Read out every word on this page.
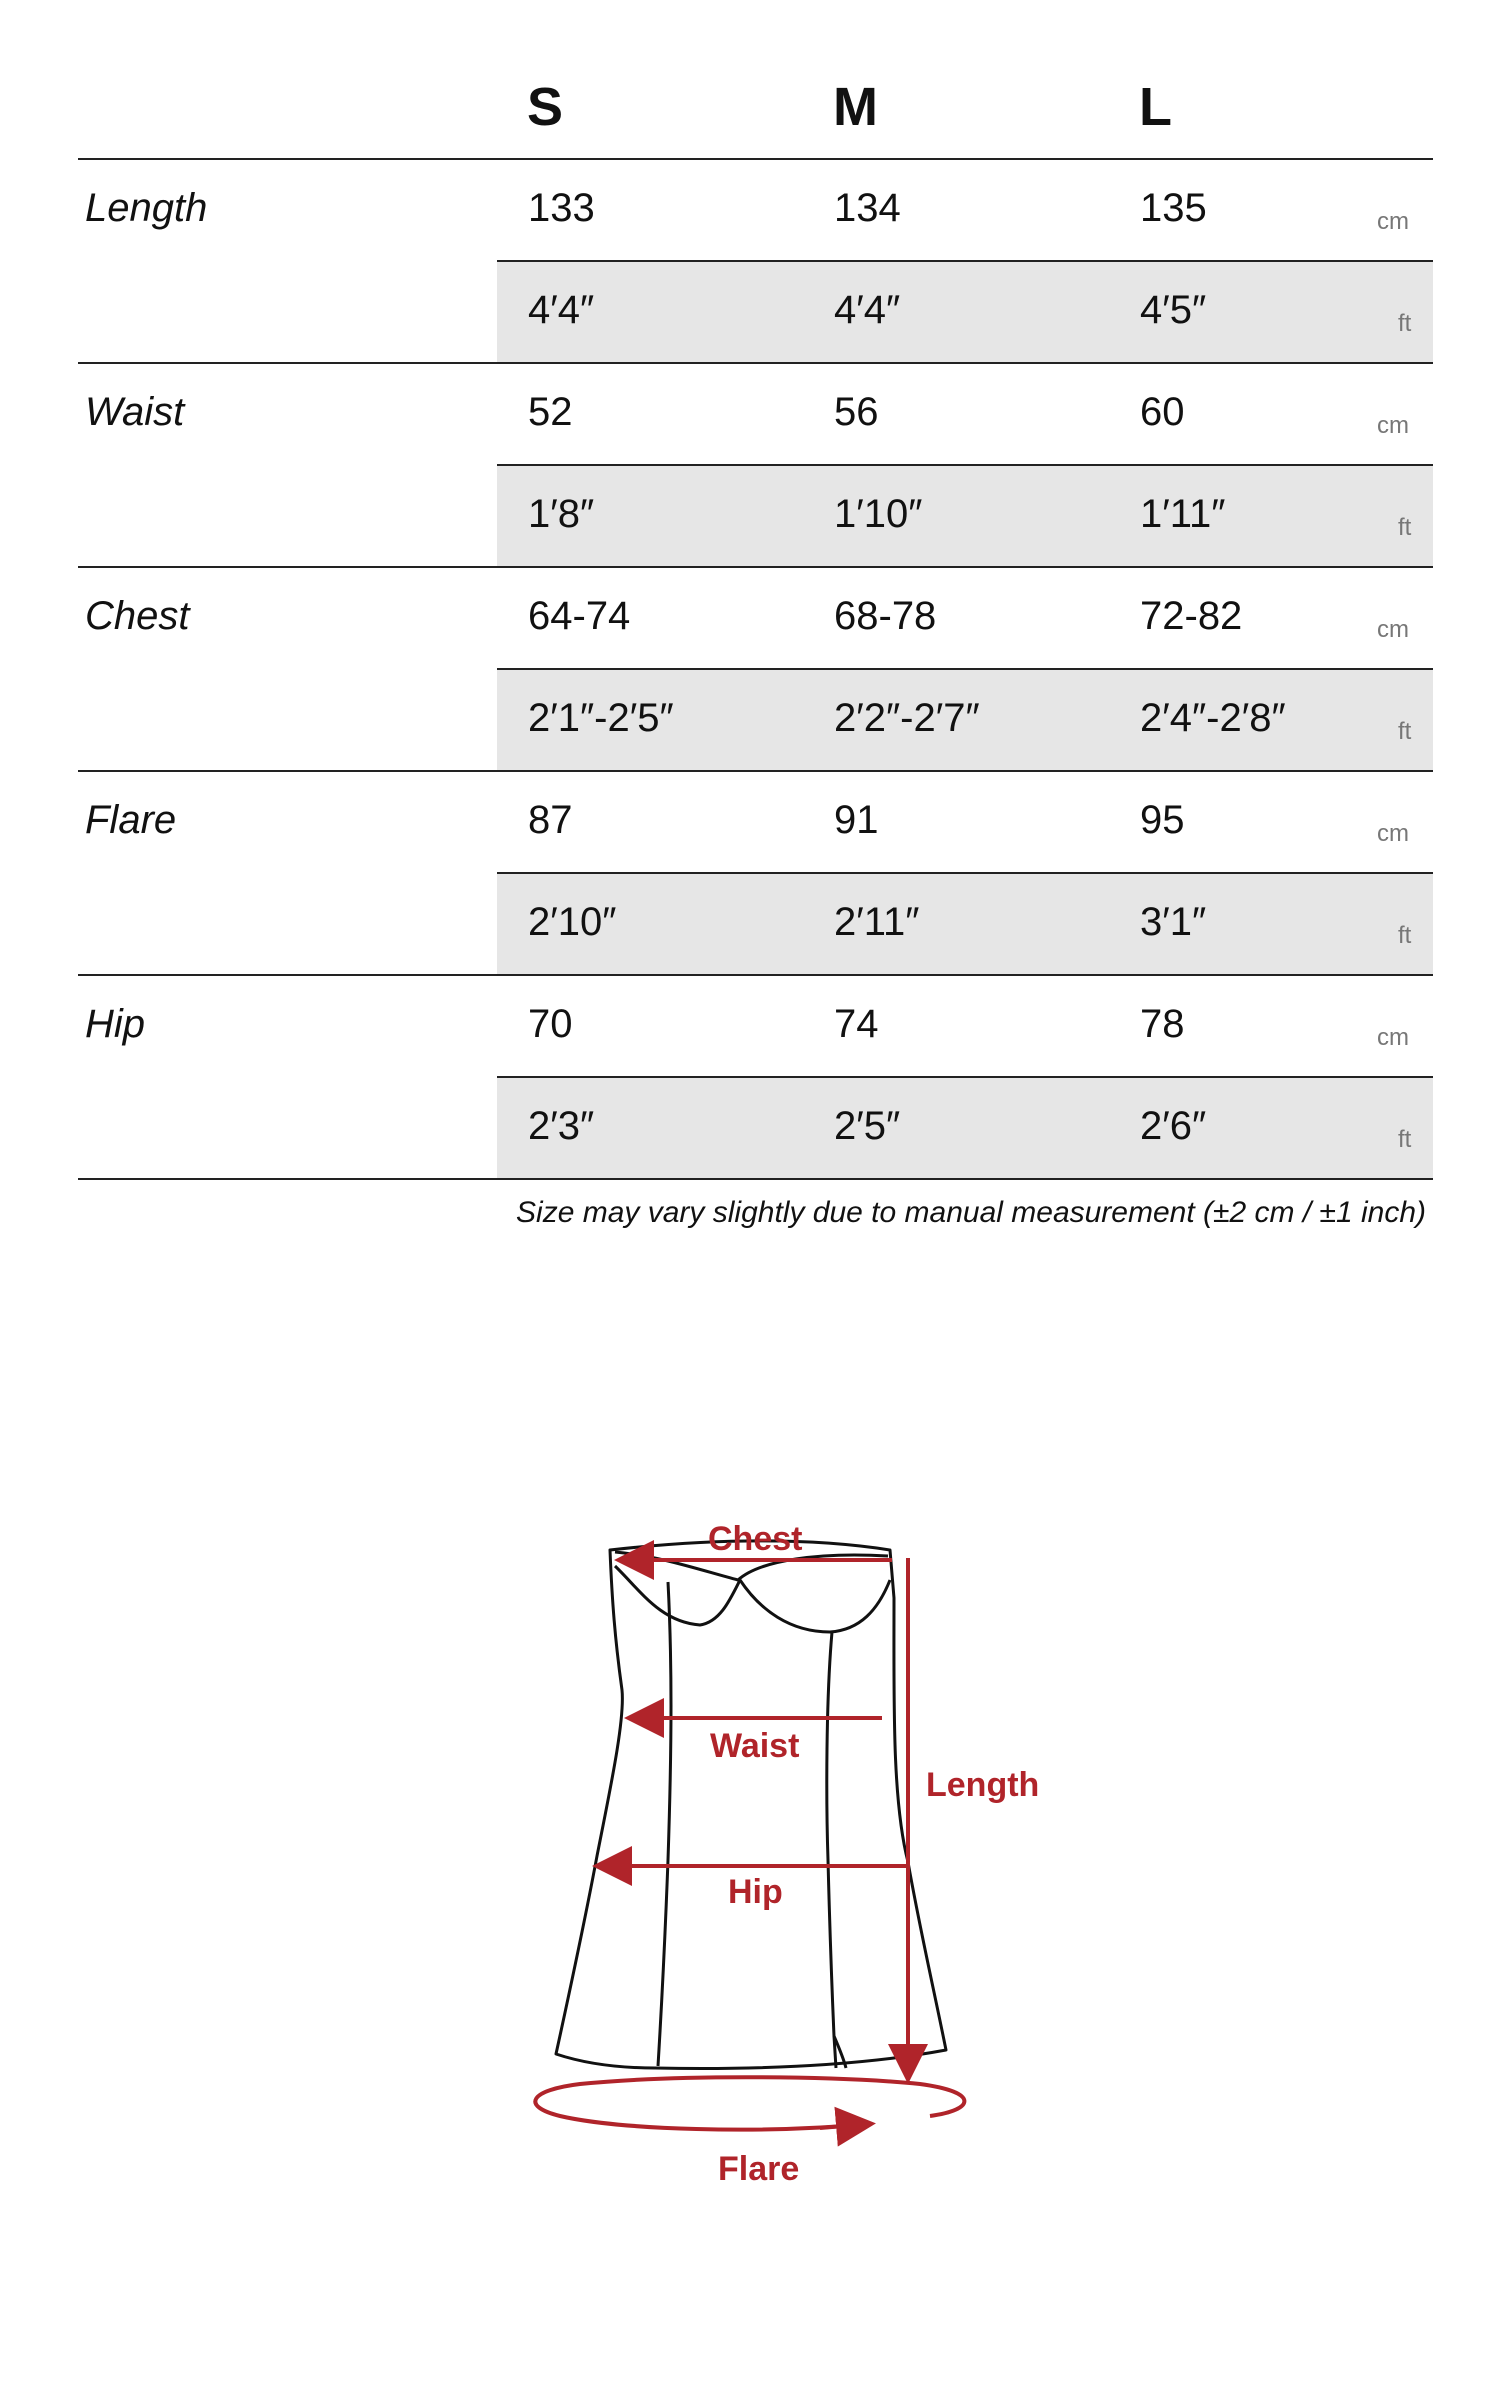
S	M	L
Length	133	134	135	cm
4′4″	4′4″	4′5″	ft
Waist	52	56	60	cm
1′8″	1′10″	1′11″	ft
Chest	64-74	68-78	72-82	cm
2′1″-2′5″	2′2″-2′7″	2′4″-2′8″	ft
Flare	87	91	95	cm
2′10″	2′11″	3′1″	ft
Hip	70	74	78	cm
2′3″	2′5″	2′6″	ft
Size may vary slightly due to manual measurement (±2 cm / ±1 inch)
Chest
Waist
Length
Hip
Flare
